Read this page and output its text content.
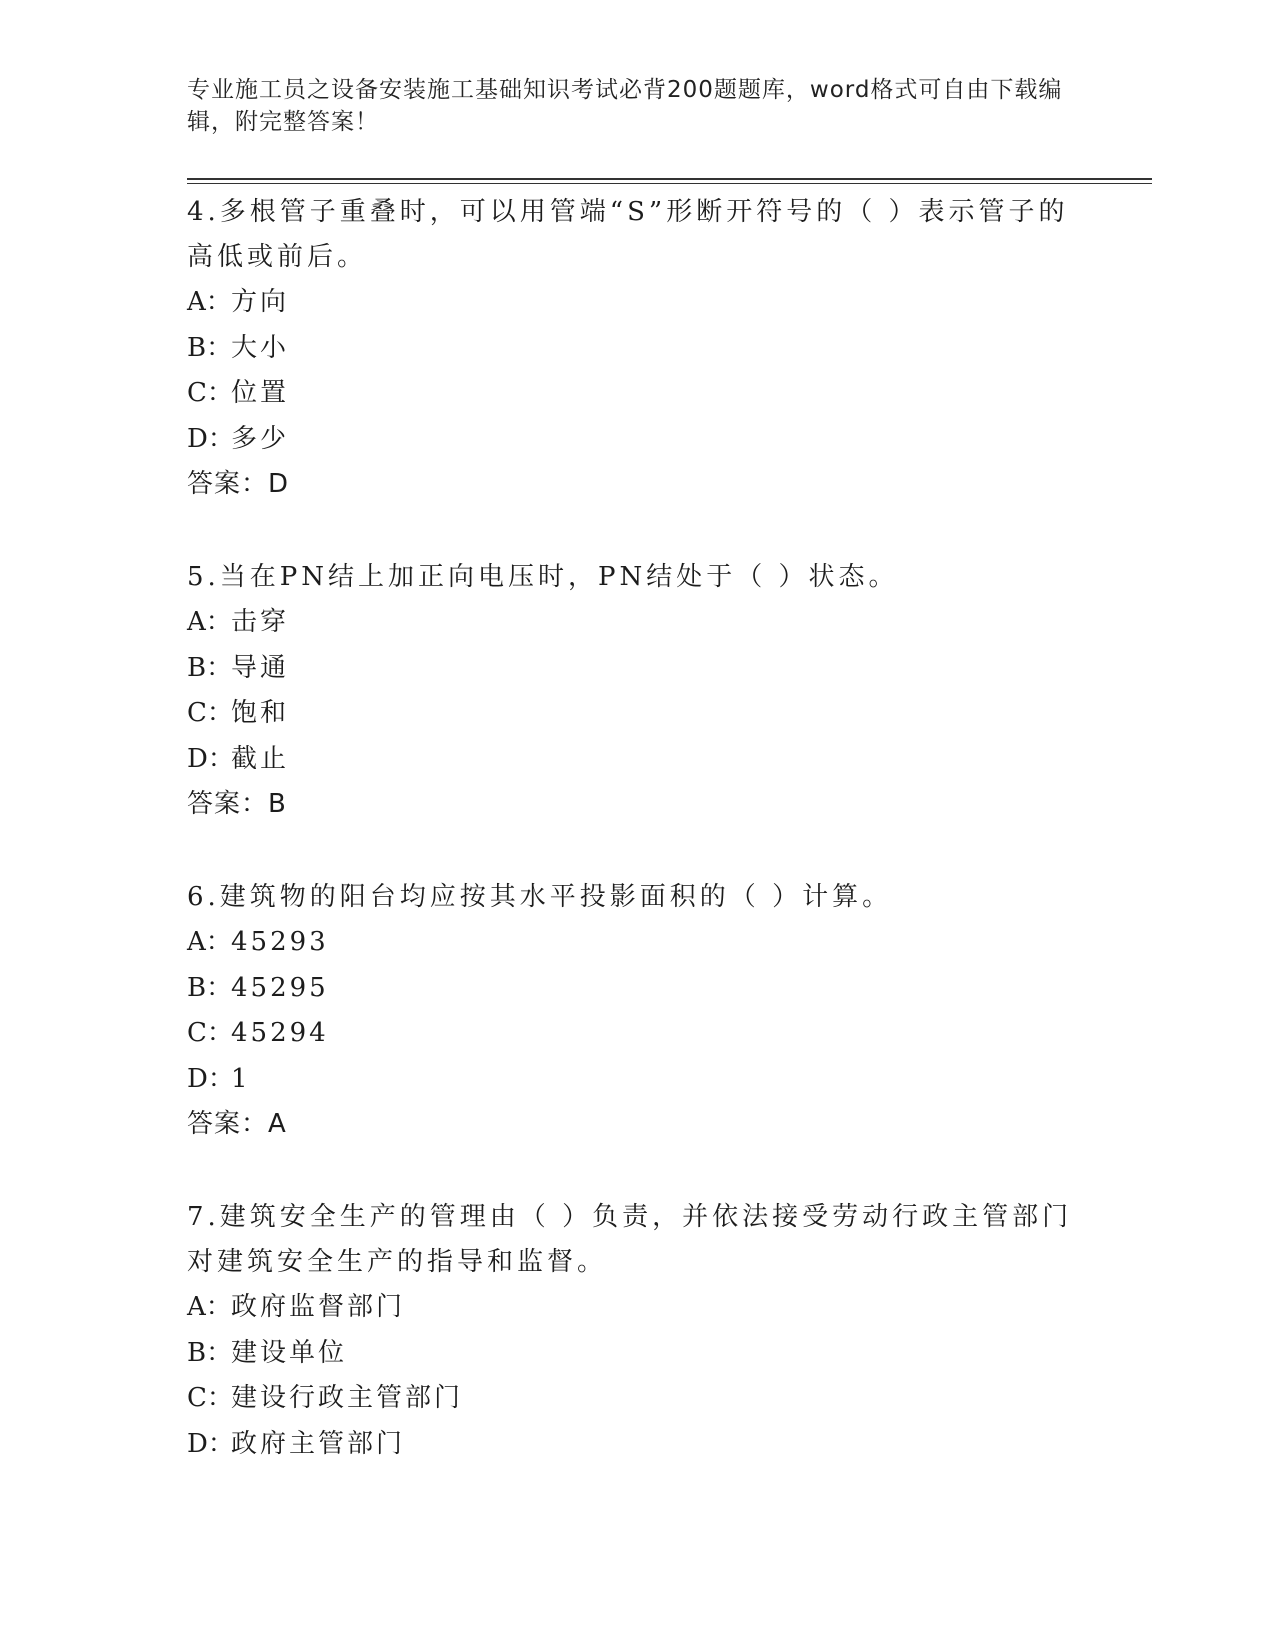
专业施工员之设备安装施工基础知识考试必背200题题库，word格式可自由下载编辑，附完整答案！

4.多根管子重叠时，可以用管端“S”形断开符号的（ ）表示管子的高低或前后。

A：方向

B：大小

C：位置

D：多少

答案：D

5.当在PN结上加正向电压时，PN结处于（ ）状态。

A：击穿

B：导通

C：饱和

D：截止

答案：B

6.建筑物的阳台均应按其水平投影面积的（ ）计算。

A：45293

B：45295

C：45294

D：1

答案：A

7.建筑安全生产的管理由（ ）负责，并依法接受劳动行政主管部门对建筑安全生产的指导和监督。

A：政府监督部门

B：建设单位

C：建设行政主管部门

D：政府主管部门
